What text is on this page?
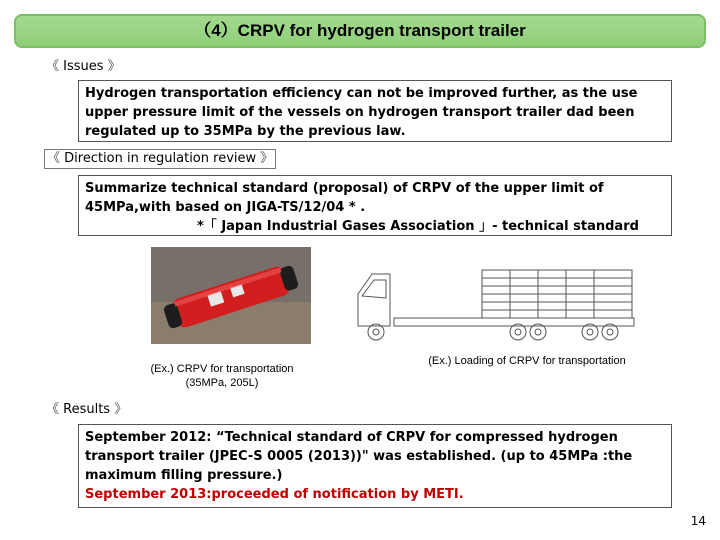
（4）CRPV for hydrogen transport trailer
《 Issues 》

Hydrogen transportation efficiency can not be improved further, as the use upper pressure limit of the vessels on hydrogen transport trailer dad been regulated up to 35MPa by the previous law.

《 Direction in regulation review 》

Summarize technical standard (proposal) of CRPV of the upper limit of 45MPa,with based on JIGA-TS/12/04 * .

*「 Japan Industrial Gases Association 」- technical standard

(Ex.) CRPV for transportation
(35MPa, 205L)
(Ex.) Loading of CRPV for transportation
《 Results 》

September 2012: “Technical standard of CRPV for compressed hydrogen transport trailer (JPEC-S 0005 (2013))" was established. (up to 45MPa :the maximum filling pressure.)

September 2013:proceeded of notification by METI.

14
